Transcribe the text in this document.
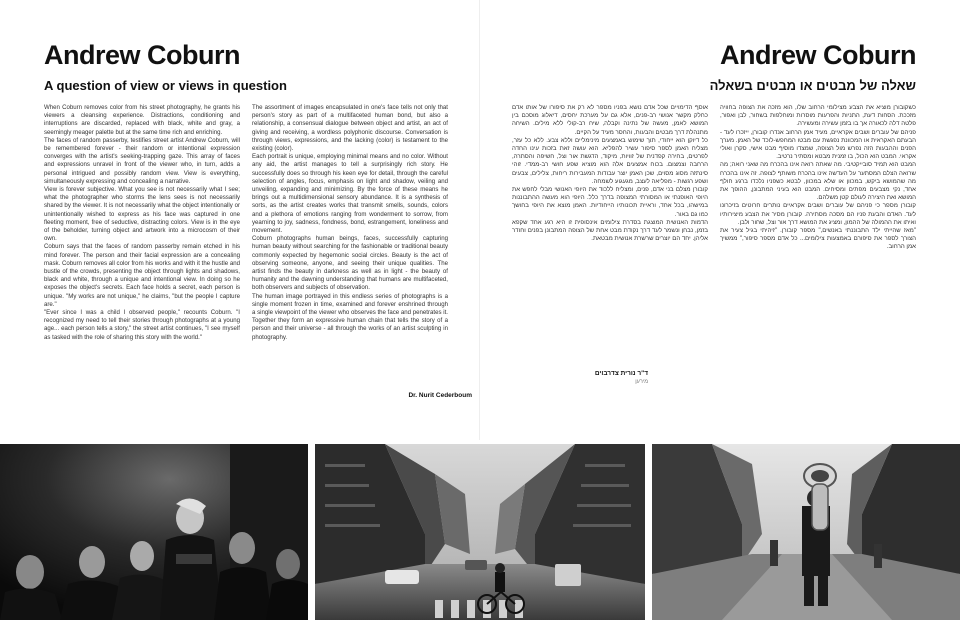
Andrew Coburn
A question of view or views in question

When Coburn removes color from his street photography, he grants his viewers a cleansing experience. Distractions, conditioning and interruptions are discarded, replaced with black, white and gray, a seemingly meager palette but at the same time rich and enriching.

The faces of random passerby, testifies street artist Andrew Coburn, will be remembered forever - their random or intentional expression converges with the artist's seeking-trapping gaze. This array of faces and expressions unravel in front of the viewer who, in turn, adds a personal intrigued and possibly random view. View is everything, simultaneously expressing and concealing a narrative.

View is forever subjective. What you see is not necessarily what I see; what the photographer who storms the lens sees is not necessarily shared by the viewer. It is not necessarily what the object intentionally or unintentionally wished to express as his face was captured in one fleeting moment, free of seductive, distracting colors. View is in the eye of the beholder, turning object and artwork into a microcosm of their own.

Coburn says that the faces of random passerby remain etched in his mind forever. The person and their facial expression are a concealing mask. Coburn removes all color from his works and with it the hustle and bustle of the crowds, presenting the object through lights and shadows, black and white, through a unique and intentional view. In doing so he exposes the object's secrets. Each face holds a secret, each person is unique. "My works are not unique," he claims, "but the people I capture are."

"Ever since I was a child I observed people," recounts Coburn. "I recognized my need to tell their stories through photographs at a young age... each person tells a story," the street artist continues, "I see myself as tasked with the role of sharing this story with the world."

The assortment of images encapsulated in one's face tells not only that person's story as part of a multifaceted human bond, but also a relationship, a consensual dialogue between object and artist, an act of giving and receiving, a wordless polyphonic discourse. Conversation is through views, expressions, and the lacking (color) is testament to the existing (color).

Each portrait is unique, employing minimal means and no color. Without any aid, the artist manages to tell a surprisingly rich story. He successfully does so through his keen eye for detail, through the careful selection of angles, focus, emphasis on light and shadow, veiling and unveiling, expanding and minimizing. By the force of these means he brings out a multidimensional sensory abundance. It is a synthesis of sorts, as the artist creates works that transmit smells, sounds, colors and a plethora of emotions ranging from wonderment to sorrow, from yearning to joy, sadness, fondness, bond, estrangement, loneliness and movement.

Coburn photographs human beings, faces, successfully capturing human beauty without searching for the fashionable or traditional beauty commonly expected by hegemonic social circles. Beauty is the act of observing someone, anyone, and seeing their unique qualities. The artist finds the beauty in darkness as well as in light - the beauty of humanity and the dawning understanding that humans are multifaceted, both observers and subjects of observation.

The human image portrayed in this endless series of photographs is a single moment frozen in time, examined and forever enshrined through a single viewpoint of the viewer who observes the face and penetrates it. Together they form an expressive human chain that tells the story of a person and their universe - all through the works of an artist sculpting in photography.

Dr. Nurit Cederboum
Andrew Coburn
שאלה של מבטים או מבטים בשאלה

כשקובורן מוציא את הצבע מצילומי הרחוב שלו, הוא מזכה את הצופה בחוויה מזככת. הסחות דעת, התניות והפרעות מוסרות ומוחלפות בשחור, לבן ואפור, פלטה דלה לכאורה אך בו בזמן עשירה ומעשירה.

פניהם של עוברים ושבים אקראיים, מעיד אמן הרחוב אנדרו קובורן, ייזכרו לעד - הבעתם האקראית או המכוונת נפגשת עם מבטו המחפש-לוכד של האמן. מערך הפנים וההבעות הזה נפרש מול הצופה, שמצדו מוסיף מבט אישי, סקרן ואולי אקראי. המבט הוא הכול, בו זמנית מבטא ומסתיר נרטיב.

המבט הוא תמיד סובייקטיבי. מה שאתה רואה אינו בהכרח מה שאני רואה; מה שרואה הצלם המסתער על העדשה אינו בהכרח משותף לצופה. זה אינו בהכרח מה שהמושא ביקש, במכוון או שלא במכוון, לבטא כשפניו נלכדו ברגע חולף אחד, נקי מצבעים מפתים ומסיחים. המבט הוא בעיני המתבונן, ההופך את המושא ואת היצירה לעולם קטן משלהם.

קובורן מספר כי פניהם של עוברים ושבים אקראיים נותרים חרוטים בזיכרונו לעד. האדם והבעת פניו הם מסכה מסתירה. קובורן מסיר את הצבע מיצירותיו ואיתו את ההמולה של ההמון, ומציג את המושא דרך אור וצל, שחור ולבן.

"מאז שהייתי ילד התבוננתי באנשים," מספר קובורן. "זיהיתי בגיל צעיר את הצורך לספר את סיפורם באמצעות צילומים... כל אדם מספר סיפור," ממשיך אמן הרחוב.

אוסף הדימויים שכל אדם נושא בפניו מספר לא רק את סיפורו של אותו אדם כחלק מקשר אנושי רב-פנים, אלא גם על מערכת יחסים, דיאלוג מוסכם בין המושא לאמן, מעשה של נתינה וקבלה, שיח רב-קולי ללא מילים. השיחה מתנהלת דרך מבטים והבעות, והחסר מעיד על הקיים.

כל דיוקן הוא ייחודי, תוך שימוש באמצעים מינימליים וללא צבע. ללא כל עזר, מצליח האמן לספר סיפור עשיר להפליא. הוא עושה זאת בזכות עינו החדה לפרטים, בחירה קפדנית של זוויות, מיקוד, הדגשת אור וצל, חשיפה והסתרה, הרחבה וצמצום. בכוח אמצעים אלה הוא מוציא שפע חושי רב-ממדי. זוהי סינתזה מסוג מסוים, שכן האמן יוצר עבודות המעבירות ריחות, צלילים, צבעים ושפע רגשות - מפליאה לעצב, מגעגוע לשמחה.

קובורן מצלם בני אדם, פנים, ומצליח ללכוד את היופי האנושי מבלי לחפש את היופי האופנתי או המסורתי המצופה בדרך כלל. היופי הוא מעשה ההתבוננות במישהו, בכל אחד, וראיית תכונותיו הייחודיות. האמן מוצא את היופי בחושך כמו גם באור.

הדמות האנושית המוצגת בסדרת צילומים אינסופית זו היא רגע אחד שקפא בזמן, נבחן ונשמר לעד דרך נקודת מבט אחת של הצופה המתבונן בפנים וחודר אליהן. יחד הם יוצרים שרשרת אנושית מבטאת.

ד"ר נורית צדרבוים
מירען
